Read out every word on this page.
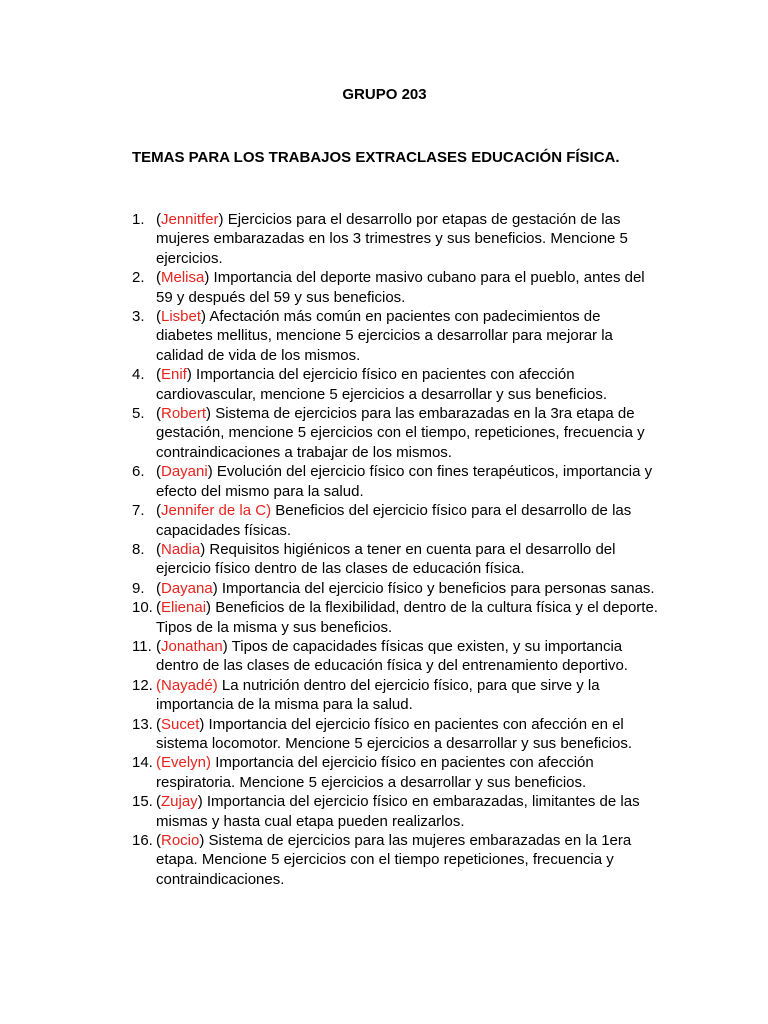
GRUPO 203
TEMAS PARA LOS TRABAJOS EXTRACLASES EDUCACIÓN FÍSICA.
1. (Jennitfer) Ejercicios para el desarrollo por etapas de gestación de las mujeres embarazadas en los 3 trimestres y sus beneficios. Mencione 5 ejercicios.
2. (Melisa) Importancia del deporte masivo cubano para el pueblo, antes del 59 y después del 59 y sus beneficios.
3. (Lisbet) Afectación más común en pacientes con padecimientos de diabetes mellitus, mencione 5 ejercicios a desarrollar para mejorar la calidad de vida de los mismos.
4. (Enif) Importancia del ejercicio físico en pacientes con afección cardiovascular, mencione 5 ejercicios a desarrollar y sus beneficios.
5. (Robert) Sistema de ejercicios para las embarazadas en la 3ra etapa de gestación, mencione 5 ejercicios con el tiempo, repeticiones, frecuencia y contraindicaciones a trabajar de los mismos.
6. (Dayani) Evolución del ejercicio físico con fines terapéuticos, importancia y efecto del mismo para la salud.
7. (Jennifer de la C) Beneficios del ejercicio físico para el desarrollo de las capacidades físicas.
8. (Nadia) Requisitos higiénicos a tener en cuenta para el desarrollo del ejercicio físico dentro de las clases de educación física.
9. (Dayana) Importancia del ejercicio físico y beneficios para personas sanas.
10. (Elienai) Beneficios de la flexibilidad, dentro de la cultura física y el deporte. Tipos de la misma y sus beneficios.
11. (Jonathan) Tipos de capacidades físicas que existen, y su importancia dentro de las clases de educación física y del entrenamiento deportivo.
12. (Nayadé) La nutrición dentro del ejercicio físico, para que sirve y la importancia de la misma para la salud.
13. (Sucet) Importancia del ejercicio físico en pacientes con afección en el sistema locomotor. Mencione 5 ejercicios a desarrollar y sus beneficios.
14. (Evelyn) Importancia del ejercicio físico en pacientes con afección respiratoria. Mencione 5 ejercicios a desarrollar y sus beneficios.
15. (Zujay) Importancia del ejercicio físico en embarazadas, limitantes de las mismas y hasta cual etapa pueden realizarlos.
16. (Rocio) Sistema de ejercicios para las mujeres embarazadas en la 1era etapa. Mencione 5 ejercicios con el tiempo repeticiones, frecuencia y contraindicaciones.
